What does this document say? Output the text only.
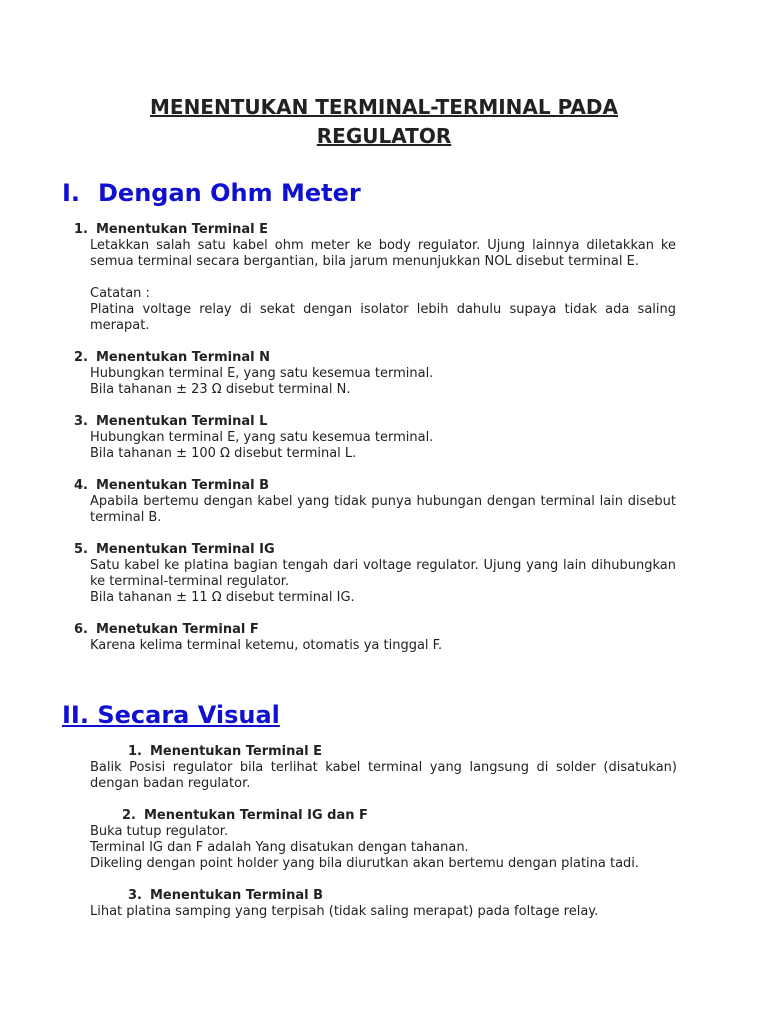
MENENTUKAN TERMINAL-TERMINAL PADA REGULATOR
I. Dengan Ohm Meter
1. Menentukan Terminal E

Letakkan salah satu kabel ohm meter ke body regulator. Ujung lainnya diletakkan ke semua terminal secara bergantian, bila jarum menunjukkan NOL disebut terminal E.

Catatan :

Platina voltage relay di sekat dengan isolator lebih dahulu supaya tidak ada saling merapat.

2. Menentukan Terminal N

Hubungkan terminal E, yang satu kesemua terminal.

Bila tahanan ± 23 Ω disebut terminal N.

3. Menentukan Terminal L

Hubungkan terminal E, yang satu kesemua terminal.

Bila tahanan ± 100 Ω disebut terminal L.

4. Menentukan Terminal B

Apabila bertemu dengan kabel yang tidak punya hubungan dengan terminal lain disebut terminal B.

5. Menentukan Terminal IG

Satu kabel ke platina bagian tengah dari voltage regulator. Ujung yang lain dihubungkan ke terminal-terminal regulator.

Bila tahanan ± 11 Ω disebut terminal IG.

6. Menetukan Terminal F

Karena kelima terminal ketemu, otomatis ya tinggal F.

II. Secara Visual
1. Menentukan Terminal E

Balik Posisi regulator bila terlihat kabel terminal yang langsung di solder (disatukan) dengan badan regulator.

2. Menentukan Terminal IG dan F

Buka tutup regulator.

Terminal IG dan F adalah Yang disatukan dengan tahanan.

Dikeling dengan point holder yang bila diurutkan akan bertemu dengan platina tadi.

3. Menentukan Terminal B

Lihat platina samping yang terpisah (tidak saling merapat) pada foltage relay.
